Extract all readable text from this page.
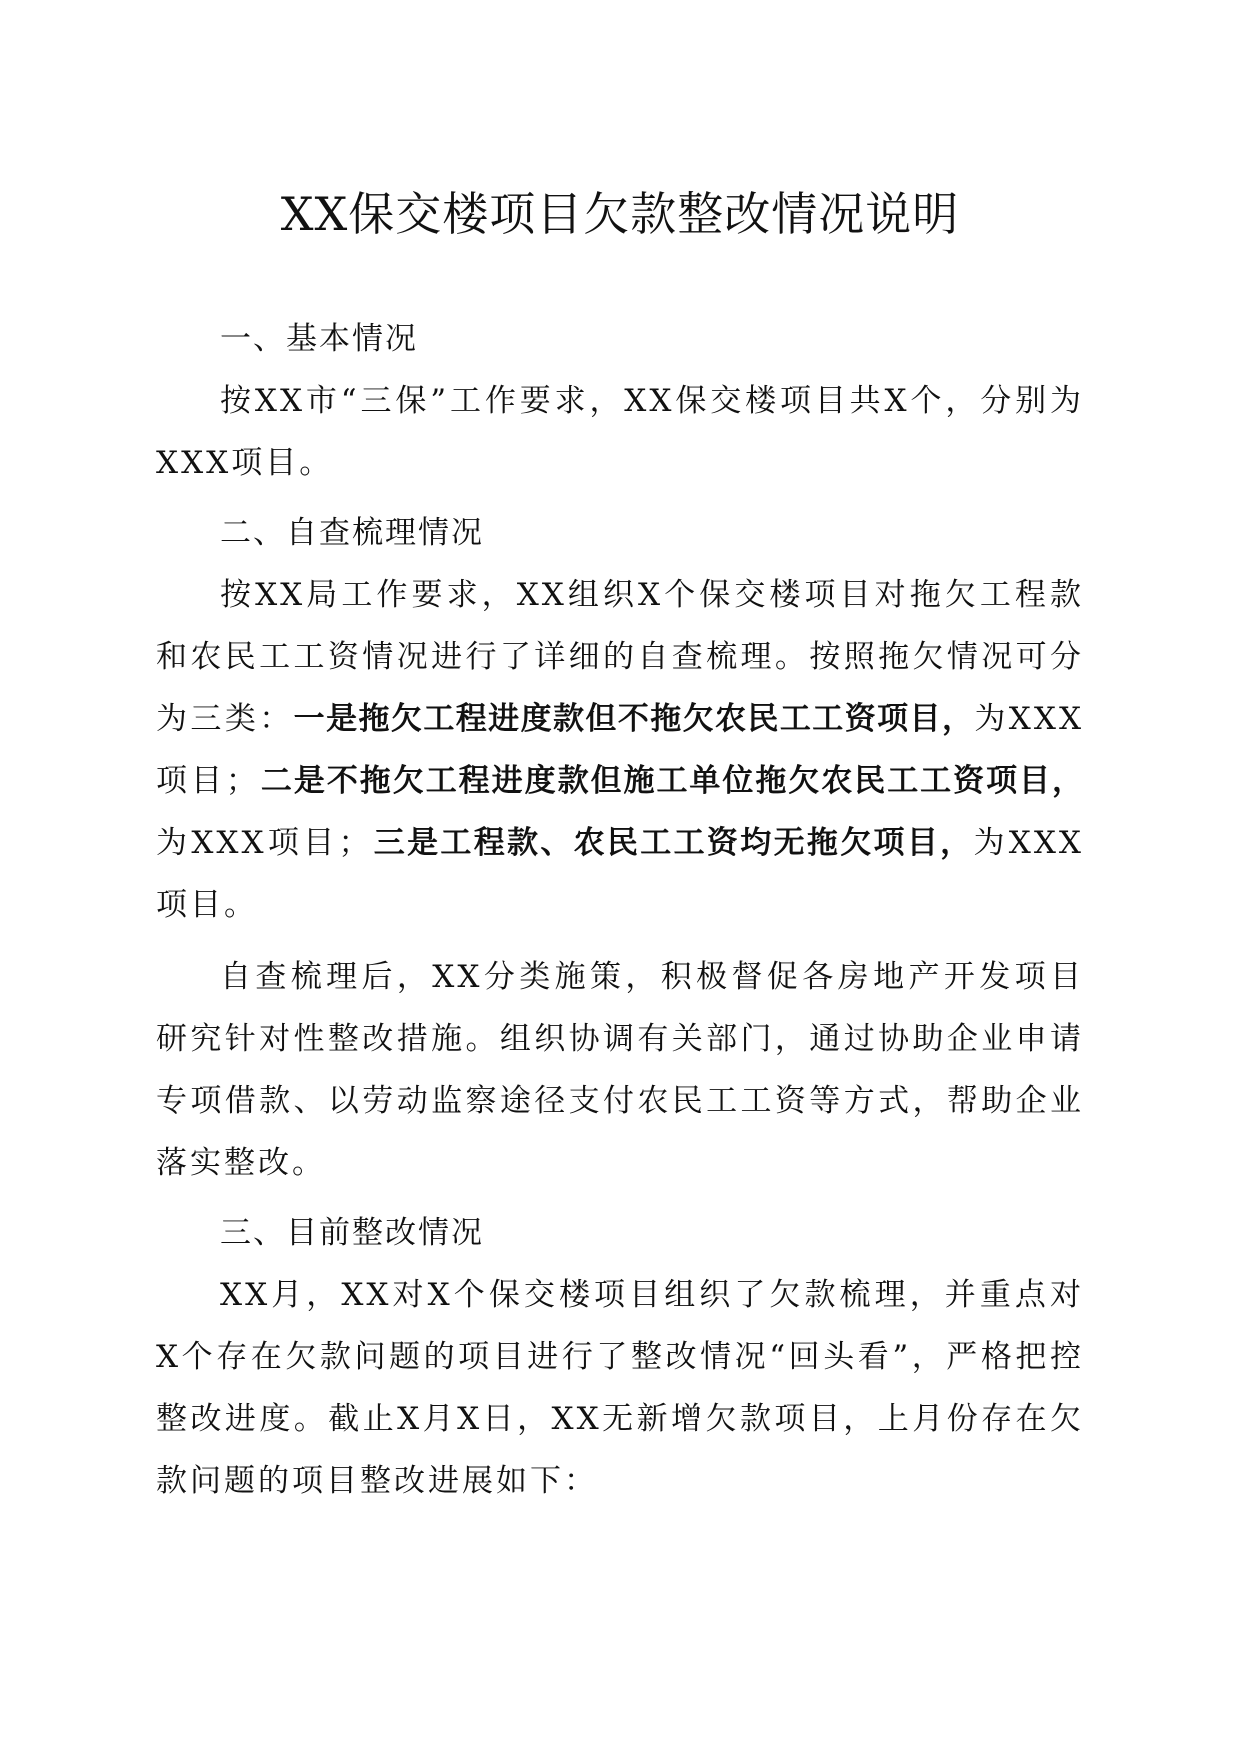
XX保交楼项目欠款整改情况说明
一、基本情况

按XX市“三保”工作要求，XX保交楼项目共X个，分别为XXX项目。

二、自查梳理情况

按XX局工作要求，XX组织X个保交楼项目对拖欠工程款和农民工工资情况进行了详细的自查梳理。按照拖欠情况可分为三类：一是拖欠工程进度款但不拖欠农民工工资项目，为XXX项目；二是不拖欠工程进度款但施工单位拖欠农民工工资项目，为XXX项目；三是工程款、农民工工资均无拖欠项目，为XXX项目。

自查梳理后，XX分类施策，积极督促各房地产开发项目研究针对性整改措施。组织协调有关部门，通过协助企业申请专项借款、以劳动监察途径支付农民工工资等方式，帮助企业落实整改。

三、目前整改情况

XX月，XX对X个保交楼项目组织了欠款梳理，并重点对X个存在欠款问题的项目进行了整改情况“回头看”，严格把控整改进度。截止X月X日，XX无新增欠款项目，上月份存在欠款问题的项目整改进展如下：
